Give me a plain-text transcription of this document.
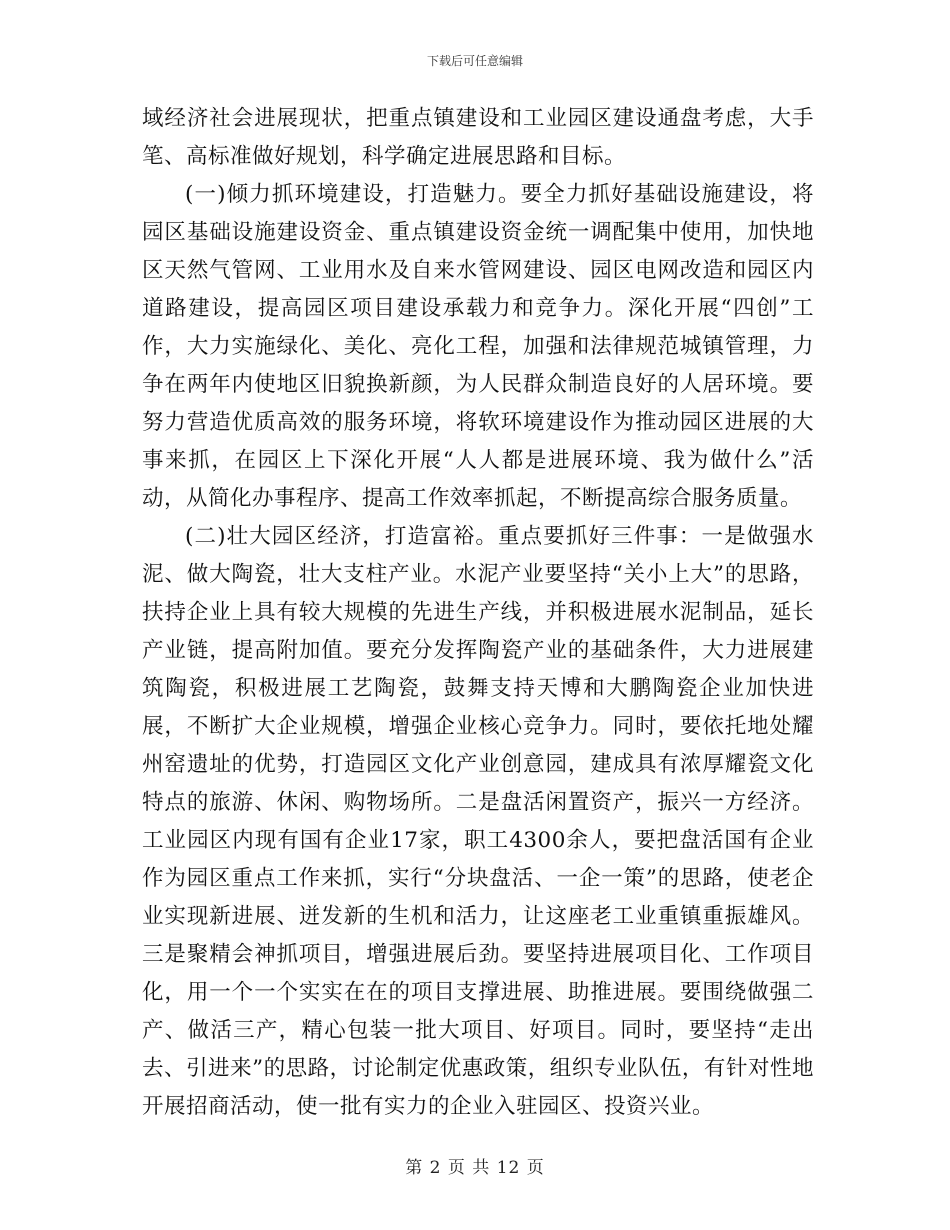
下载后可任意编辑

域经济社会进展现状，把重点镇建设和工业园区建设通盘考虑，大手笔、高标准做好规划，科学确定进展思路和目标。

(一)倾力抓环境建设，打造魅力。要全力抓好基础设施建设，将园区基础设施建设资金、重点镇建设资金统一调配集中使用，加快地区天然气管网、工业用水及自来水管网建设、园区电网改造和园区内道路建设，提高园区项目建设承载力和竞争力。深化开展“四创”工作，大力实施绿化、美化、亮化工程，加强和法律规范城镇管理，力争在两年内使地区旧貌换新颜，为人民群众制造良好的人居环境。要努力营造优质高效的服务环境，将软环境建设作为推动园区进展的大事来抓，在园区上下深化开展“人人都是进展环境、我为做什么”活动，从简化办事程序、提高工作效率抓起，不断提高综合服务质量。

(二)壮大园区经济，打造富裕。重点要抓好三件事：一是做强水泥、做大陶瓷，壮大支柱产业。水泥产业要坚持“关小上大”的思路，扶持企业上具有较大规模的先进生产线，并积极进展水泥制品，延长产业链，提高附加值。要充分发挥陶瓷产业的基础条件，大力进展建筑陶瓷，积极进展工艺陶瓷，鼓舞支持天博和大鹏陶瓷企业加快进展，不断扩大企业规模，增强企业核心竞争力。同时，要依托地处耀州窑遗址的优势，打造园区文化产业创意园，建成具有浓厚耀瓷文化特点的旅游、休闲、购物场所。二是盘活闲置资产，振兴一方经济。工业园区内现有国有企业17家，职工4300余人，要把盘活国有企业作为园区重点工作来抓，实行“分块盘活、一企一策”的思路，使老企业实现新进展、迸发新的生机和活力，让这座老工业重镇重振雄风。三是聚精会神抓项目，增强进展后劲。要坚持进展项目化、工作项目化，用一个一个实实在在的项目支撑进展、助推进展。要围绕做强二产、做活三产，精心包装一批大项目、好项目。同时，要坚持“走出去、引进来”的思路，讨论制定优惠政策，组织专业队伍，有针对性地开展招商活动，使一批有实力的企业入驻园区、投资兴业。

第 2 页 共 12 页
